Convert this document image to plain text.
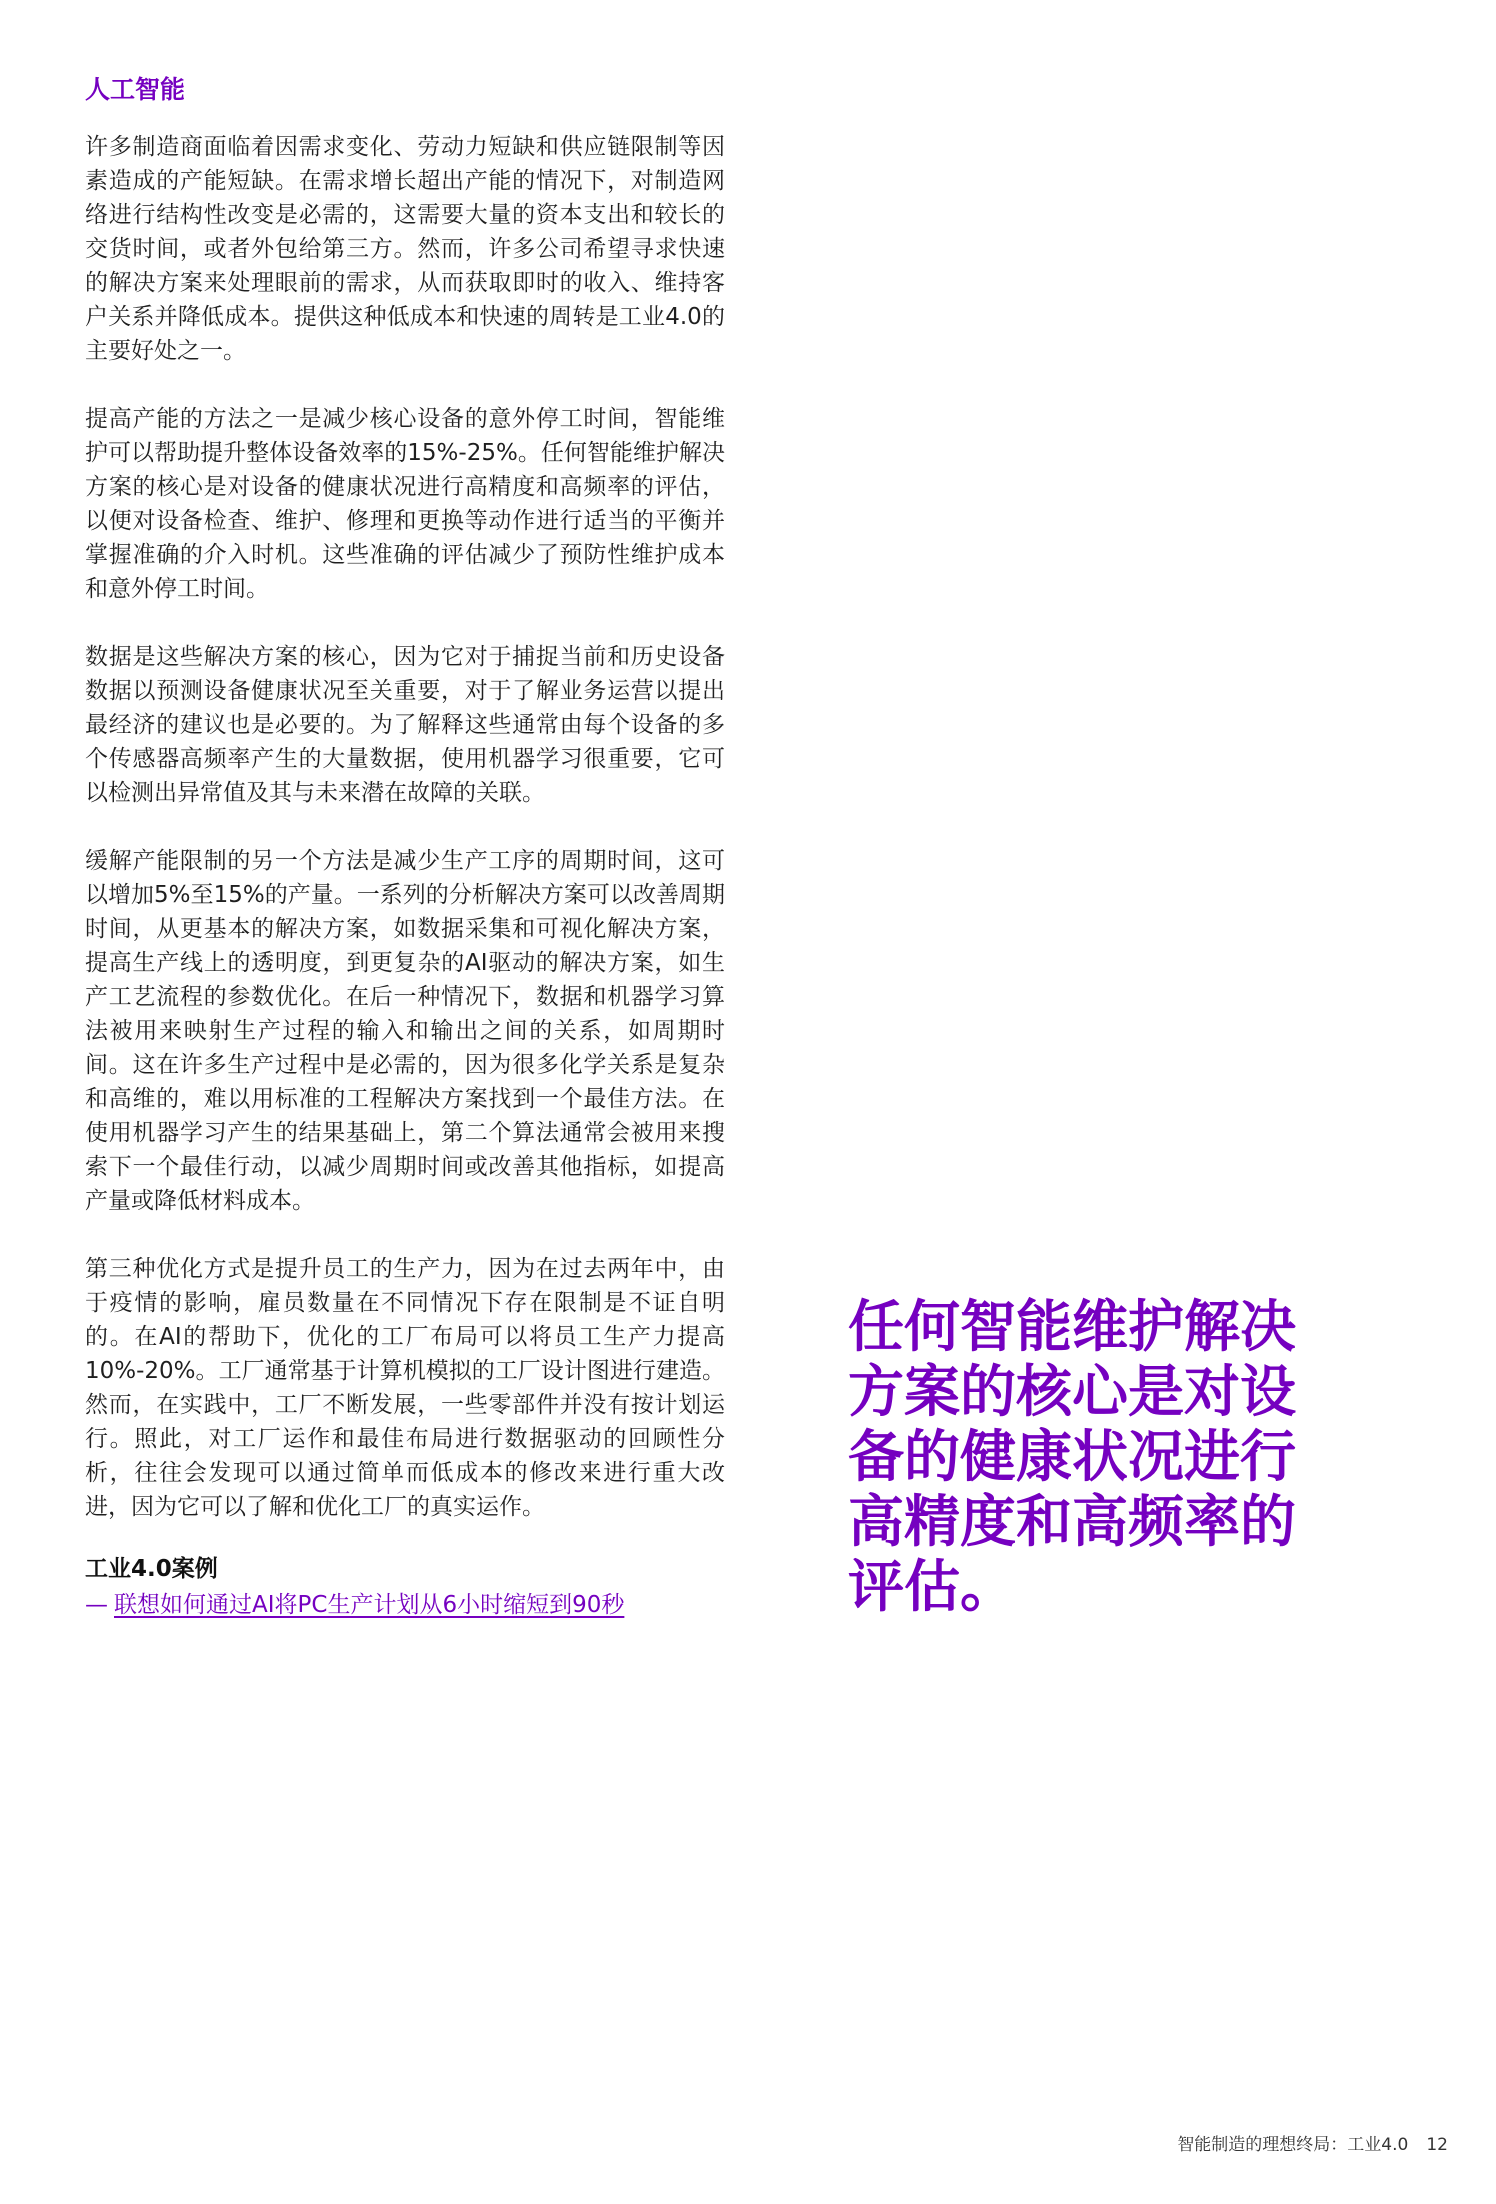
人工智能

许多制造商面临着因需求变化、劳动力短缺和供应链限制等因素造成的产能短缺。在需求增长超出产能的情况下，对制造网络进行结构性改变是必需的，这需要大量的资本支出和较长的交货时间，或者外包给第三方。然而，许多公司希望寻求快速的解决方案来处理眼前的需求，从而获取即时的收入、维持客户关系并降低成本。提供这种低成本和快速的周转是工业4.0的主要好处之一。

提高产能的方法之一是减少核心设备的意外停工时间，智能维护可以帮助提升整体设备效率的15%-25%。任何智能维护解决方案的核心是对设备的健康状况进行高精度和高频率的评估，以便对设备检查、维护、修理和更换等动作进行适当的平衡并掌握准确的介入时机。这些准确的评估减少了预防性维护成本和意外停工时间。

数据是这些解决方案的核心，因为它对于捕捉当前和历史设备数据以预测设备健康状况至关重要，对于了解业务运营以提出最经济的建议也是必要的。为了解释这些通常由每个设备的多个传感器高频率产生的大量数据，使用机器学习很重要，它可以检测出异常值及其与未来潜在故障的关联。

缓解产能限制的另一个方法是减少生产工序的周期时间，这可以增加5%至15%的产量。一系列的分析解决方案可以改善周期时间，从更基本的解决方案，如数据采集和可视化解决方案，提高生产线上的透明度，到更复杂的AI驱动的解决方案，如生产工艺流程的参数优化。在后一种情况下，数据和机器学习算法被用来映射生产过程的输入和输出之间的关系，如周期时间。这在许多生产过程中是必需的，因为很多化学关系是复杂和高维的，难以用标准的工程解决方案找到一个最佳方法。在使用机器学习产生的结果基础上，第二个算法通常会被用来搜索下一个最佳行动，以减少周期时间或改善其他指标，如提高产量或降低材料成本。

第三种优化方式是提升员工的生产力，因为在过去两年中，由于疫情的影响，雇员数量在不同情况下存在限制是不证自明的。在AI的帮助下，优化的工厂布局可以将员工生产力提高10%-20%。工厂通常基于计算机模拟的工厂设计图进行建造。然而，在实践中，工厂不断发展，一些零部件并没有按计划运行。照此，对工厂运作和最佳布局进行数据驱动的回顾性分析，往往会发现可以通过简单而低成本的修改来进行重大改进，因为它可以了解和优化工厂的真实运作。

工业4.0案例
— 联想如何通过AI将PC生产计划从6小时缩短到90秒

任何智能维护解决方案的核心是对设备的健康状况进行高精度和高频率的评估。

智能制造的理想终局：工业4.0 12
